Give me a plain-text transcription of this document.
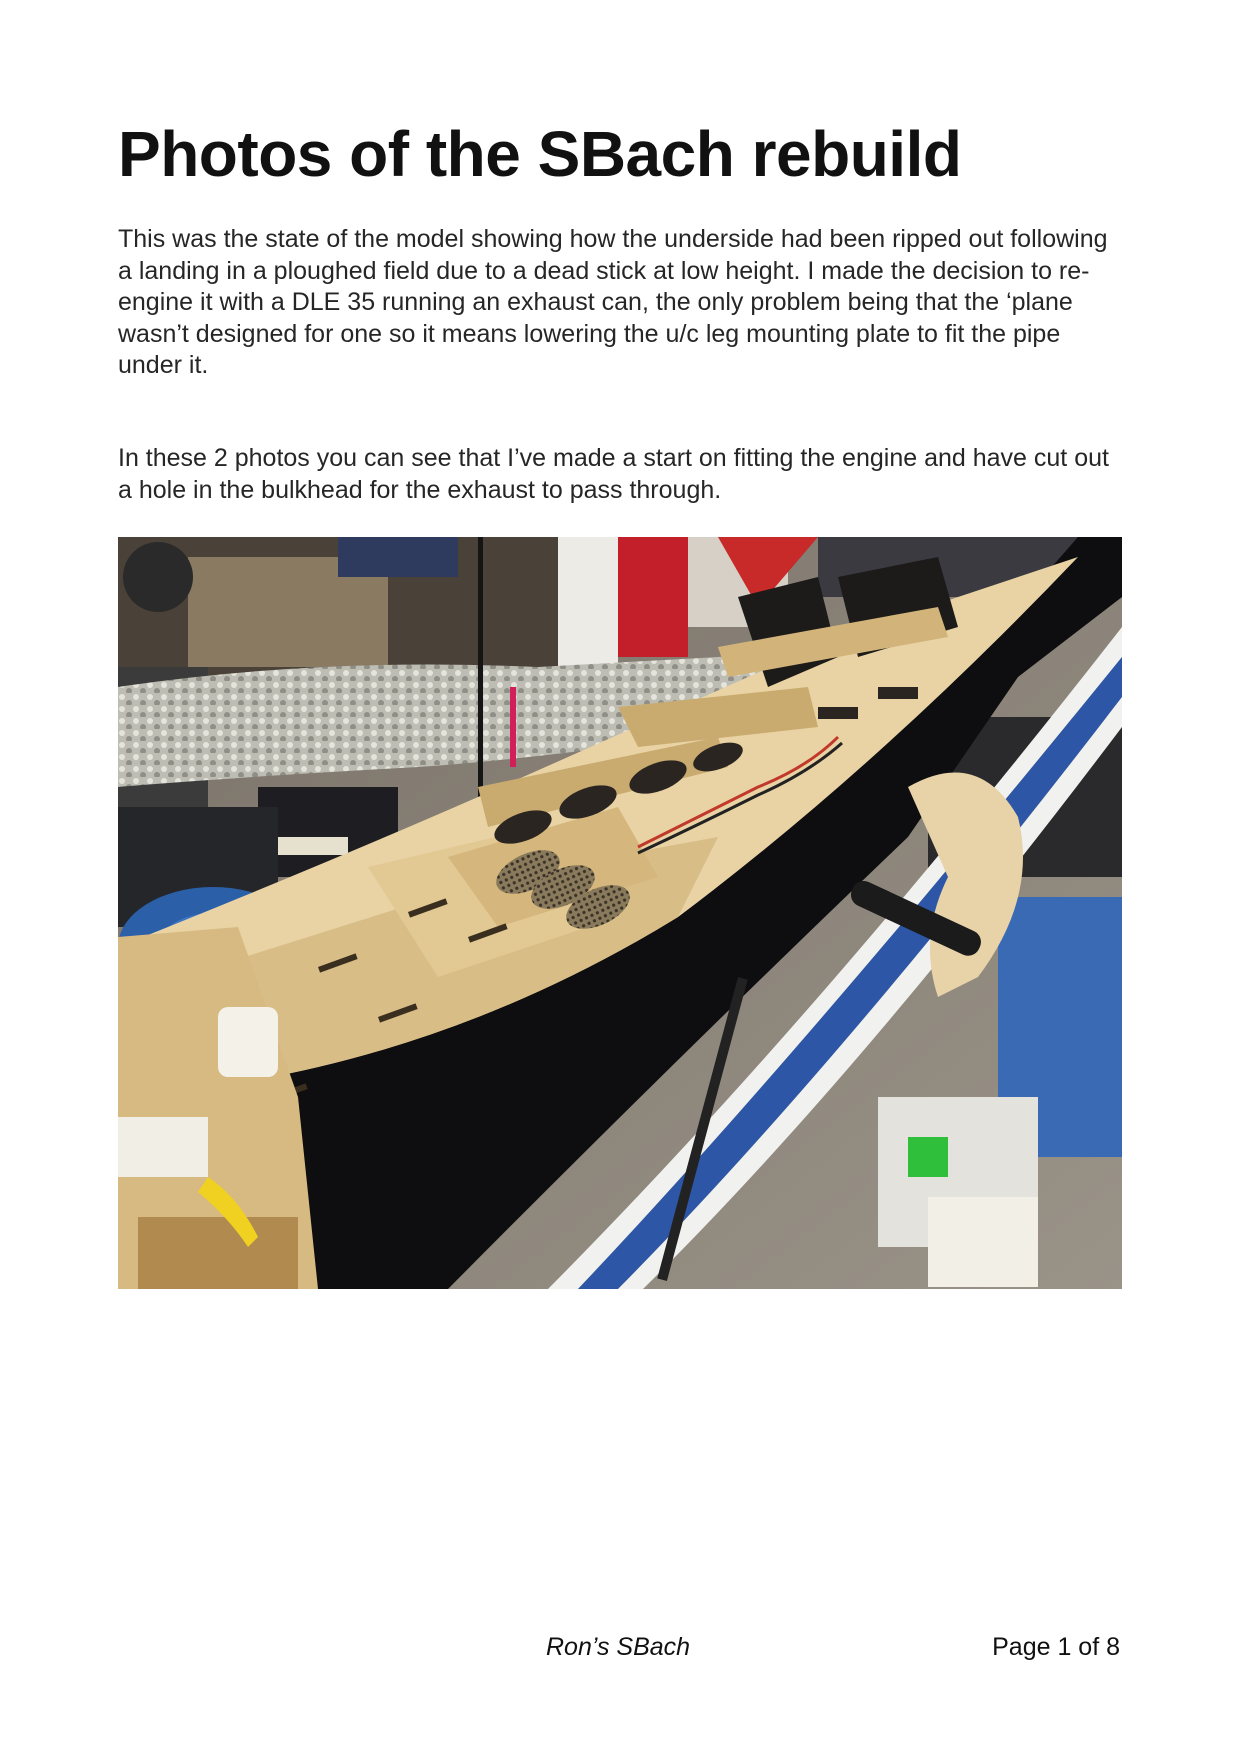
Photos of the SBach rebuild

This was the state of the model showing how the underside had been ripped out following a landing in a ploughed field due to a dead stick at low height. I made the decision to re-engine it with a DLE 35 running an exhaust can, the only problem being that the ‘plane wasn’t designed for one so it means lowering the u/c leg mounting plate to fit the pipe under it.

In these 2 photos you can see that I’ve made a start on fitting the engine and have cut out a hole in the bulkhead for the exhaust to pass through.

Ron’s SBach	Page 1 of 8
